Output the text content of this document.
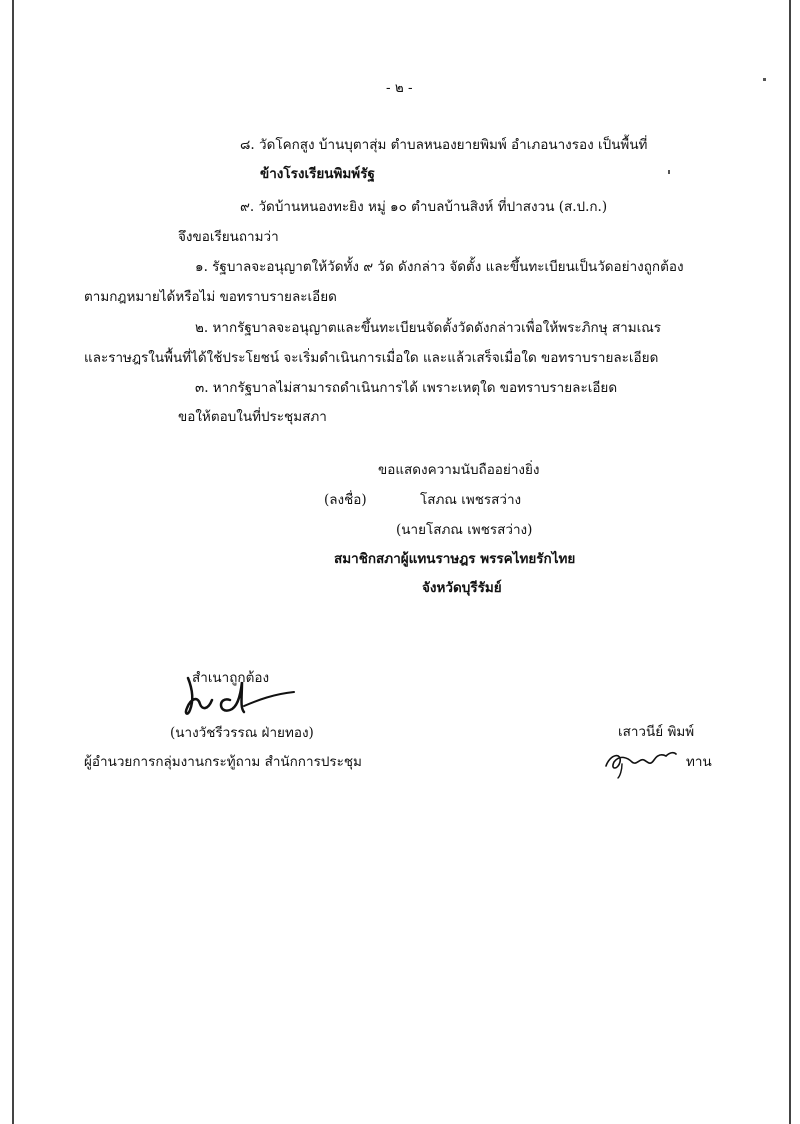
- ๒ -
๘. วัดโคกสูง บ้านบุตาสุ่ม ตำบลหนองยายพิมพ์ อำเภอนางรอง เป็นพื้นที่
ข้างโรงเรียนพิมพ์รัฐ
๙. วัดบ้านหนองทะยิง หมู่ ๑๐ ตำบลบ้านสิงห์ ที่ปาสงวน (ส.ป.ก.)
จึงขอเรียนถามว่า
๑. รัฐบาลจะอนุญาตให้วัดทั้ง ๙ วัด ดังกล่าว จัดตั้ง และขึ้นทะเบียนเป็นวัดอย่างถูกต้อง
ตามกฎหมายได้หรือไม่ ขอทราบรายละเอียด
๒. หากรัฐบาลจะอนุญาตและขึ้นทะเบียนจัดตั้งวัดดังกล่าวเพื่อให้พระภิกษุ สามเณร
และราษฎรในพื้นที่ได้ใช้ประโยชน์ จะเริ่มดำเนินการเมื่อใด และแล้วเสร็จเมื่อใด ขอทราบรายละเอียด
๓. หากรัฐบาลไม่สามารถดำเนินการได้ เพราะเหตุใด ขอทราบรายละเอียด
ขอให้ตอบในที่ประชุมสภา
ขอแสดงความนับถืออย่างยิ่ง
(ลงชื่อ)	โสภณ เพชรสว่าง
(นายโสภณ เพชรสว่าง)
สมาชิกสภาผู้แทนราษฎร พรรคไทยรักไทย
จังหวัดบุรีรัมย์
สำเนาถูกต้อง
(นางวัชรีวรรณ ฝ่ายทอง)
ผู้อำนวยการกลุ่มงานกระทู้ถาม สำนักการประชุม
เสาวนีย์ พิมพ์
ทาน
